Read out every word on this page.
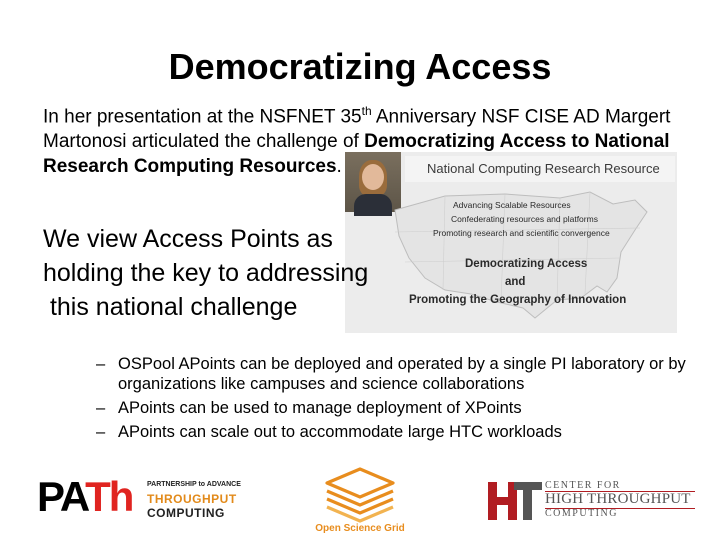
Democratizing Access
In her presentation at the NSFNET 35th Anniversary NSF CISE AD Margert Martonosi articulated the challenge of Democratizing Access to National Research Computing Resources.	National Computing Research Resource
Advancing Scalable Resources
Confederating resources and platforms
Promoting research and scientific convergence
Democratizing Access
and
Promoting the Geography of Innovation
We view Access Points as
holding the key to addressing
this national challenge
– OSPool APoints can be deployed and operated by a single PI laboratory or by organizations like campuses and science collaborations
– APoints can be used to manage deployment of XPoints
– APoints can scale out to accommodate large HTC workloads
PATh PARTNERSHIP to ADVANCE
THROUGHPUT
COMPUTING
Open Science Grid
CENTER FOR
HIGH THROUGHPUT
COMPUTING
